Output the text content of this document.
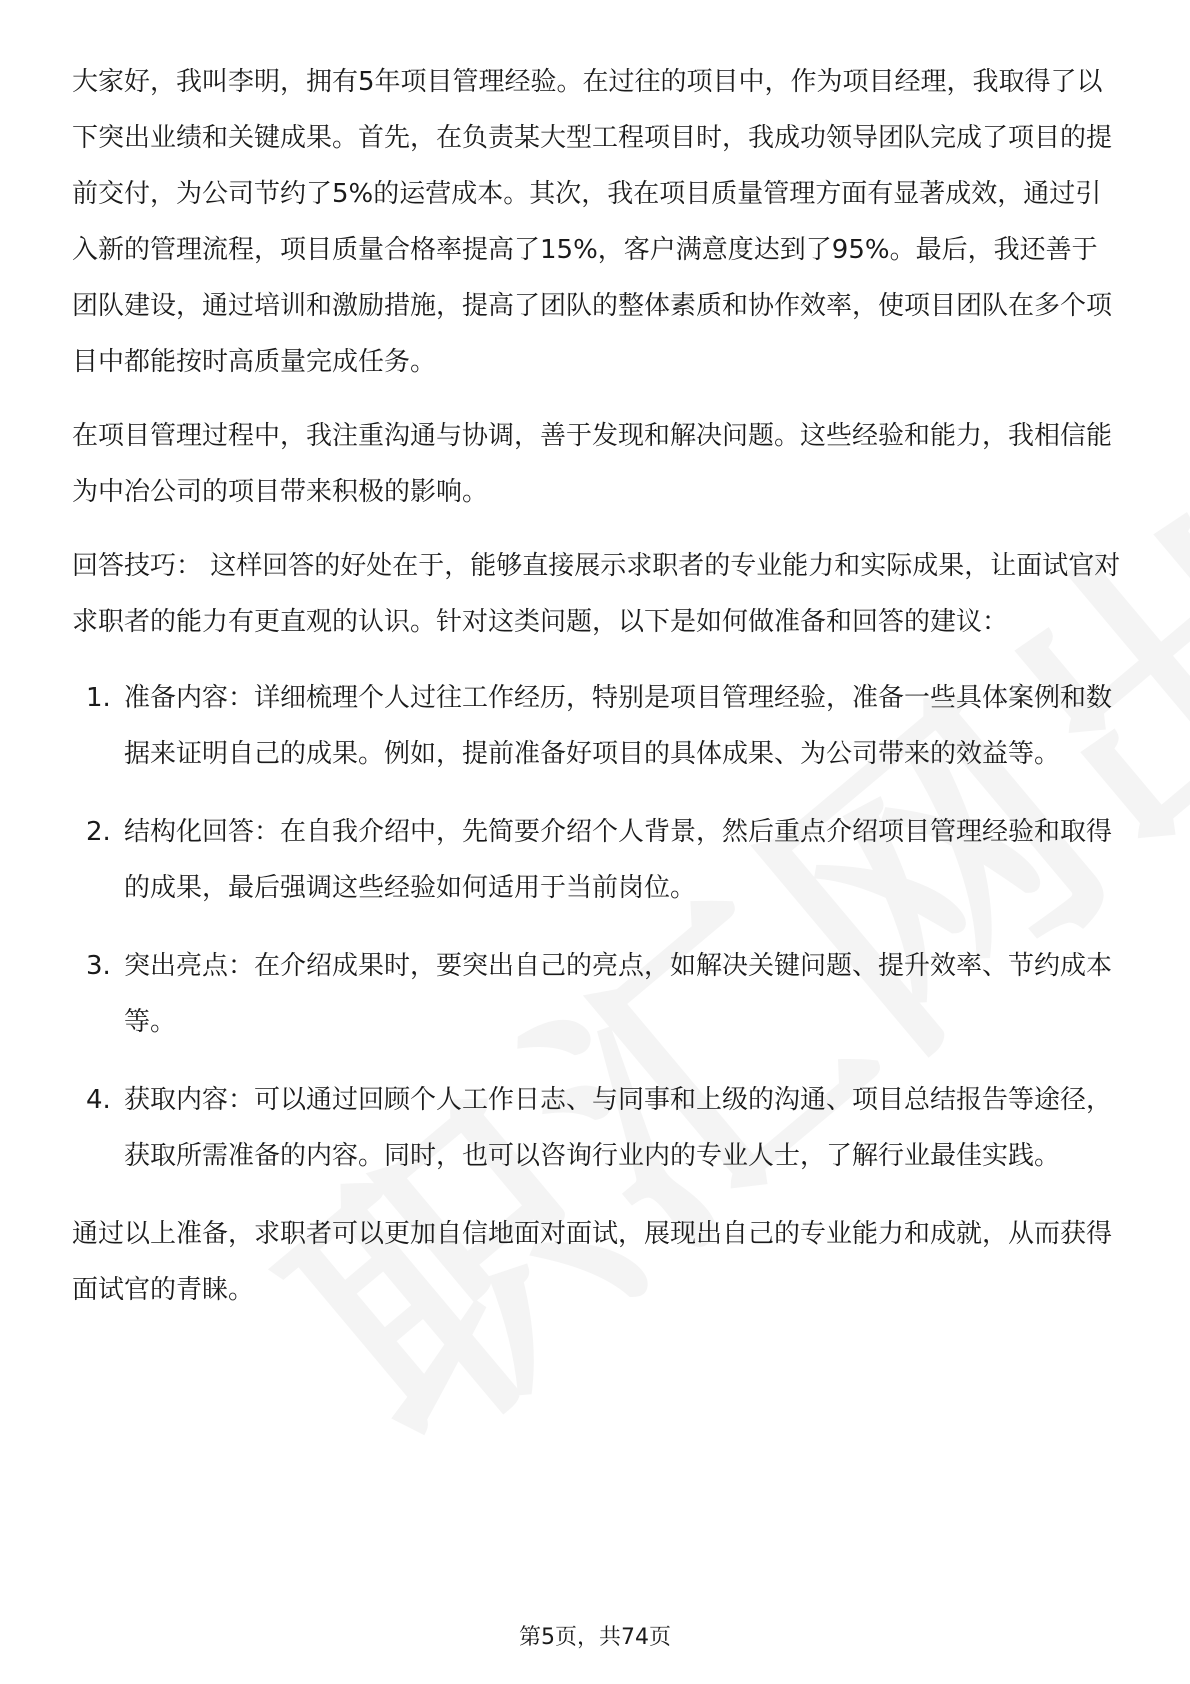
大家好，我叫李明，拥有5年项目管理经验。在过往的项目中，作为项目经理，我取得了以下突出业绩和关键成果。首先，在负责某大型工程项目时，我成功领导团队完成了项目的提前交付，为公司节约了5%的运营成本。其次，我在项目质量管理方面有显著成效，通过引入新的管理流程，项目质量合格率提高了15%，客户满意度达到了95%。最后，我还善于团队建设，通过培训和激励措施，提高了团队的整体素质和协作效率，使项目团队在多个项目中都能按时高质量完成任务。

在项目管理过程中，我注重沟通与协调，善于发现和解决问题。这些经验和能力，我相信能为中冶公司的项目带来积极的影响。

回答技巧： 这样回答的好处在于，能够直接展示求职者的专业能力和实际成果，让面试官对求职者的能力有更直观的认识。针对这类问题，以下是如何做准备和回答的建议：

1. 准备内容：详细梳理个人过往工作经历，特别是项目管理经验，准备一些具体案例和数据来证明自己的成果。例如，提前准备好项目的具体成果、为公司带来的效益等。
2. 结构化回答：在自我介绍中，先简要介绍个人背景，然后重点介绍项目管理经验和取得的成果，最后强调这些经验如何适用于当前岗位。
3. 突出亮点：在介绍成果时，要突出自己的亮点，如解决关键问题、提升效率、节约成本等。
4. 获取内容：可以通过回顾个人工作日志、与同事和上级的沟通、项目总结报告等途径，获取所需准备的内容。同时，也可以咨询行业内的专业人士，了解行业最佳实践。

通过以上准备，求职者可以更加自信地面对面试，展现出自己的专业能力和成就，从而获得面试官的青睐。

第5页，共74页
